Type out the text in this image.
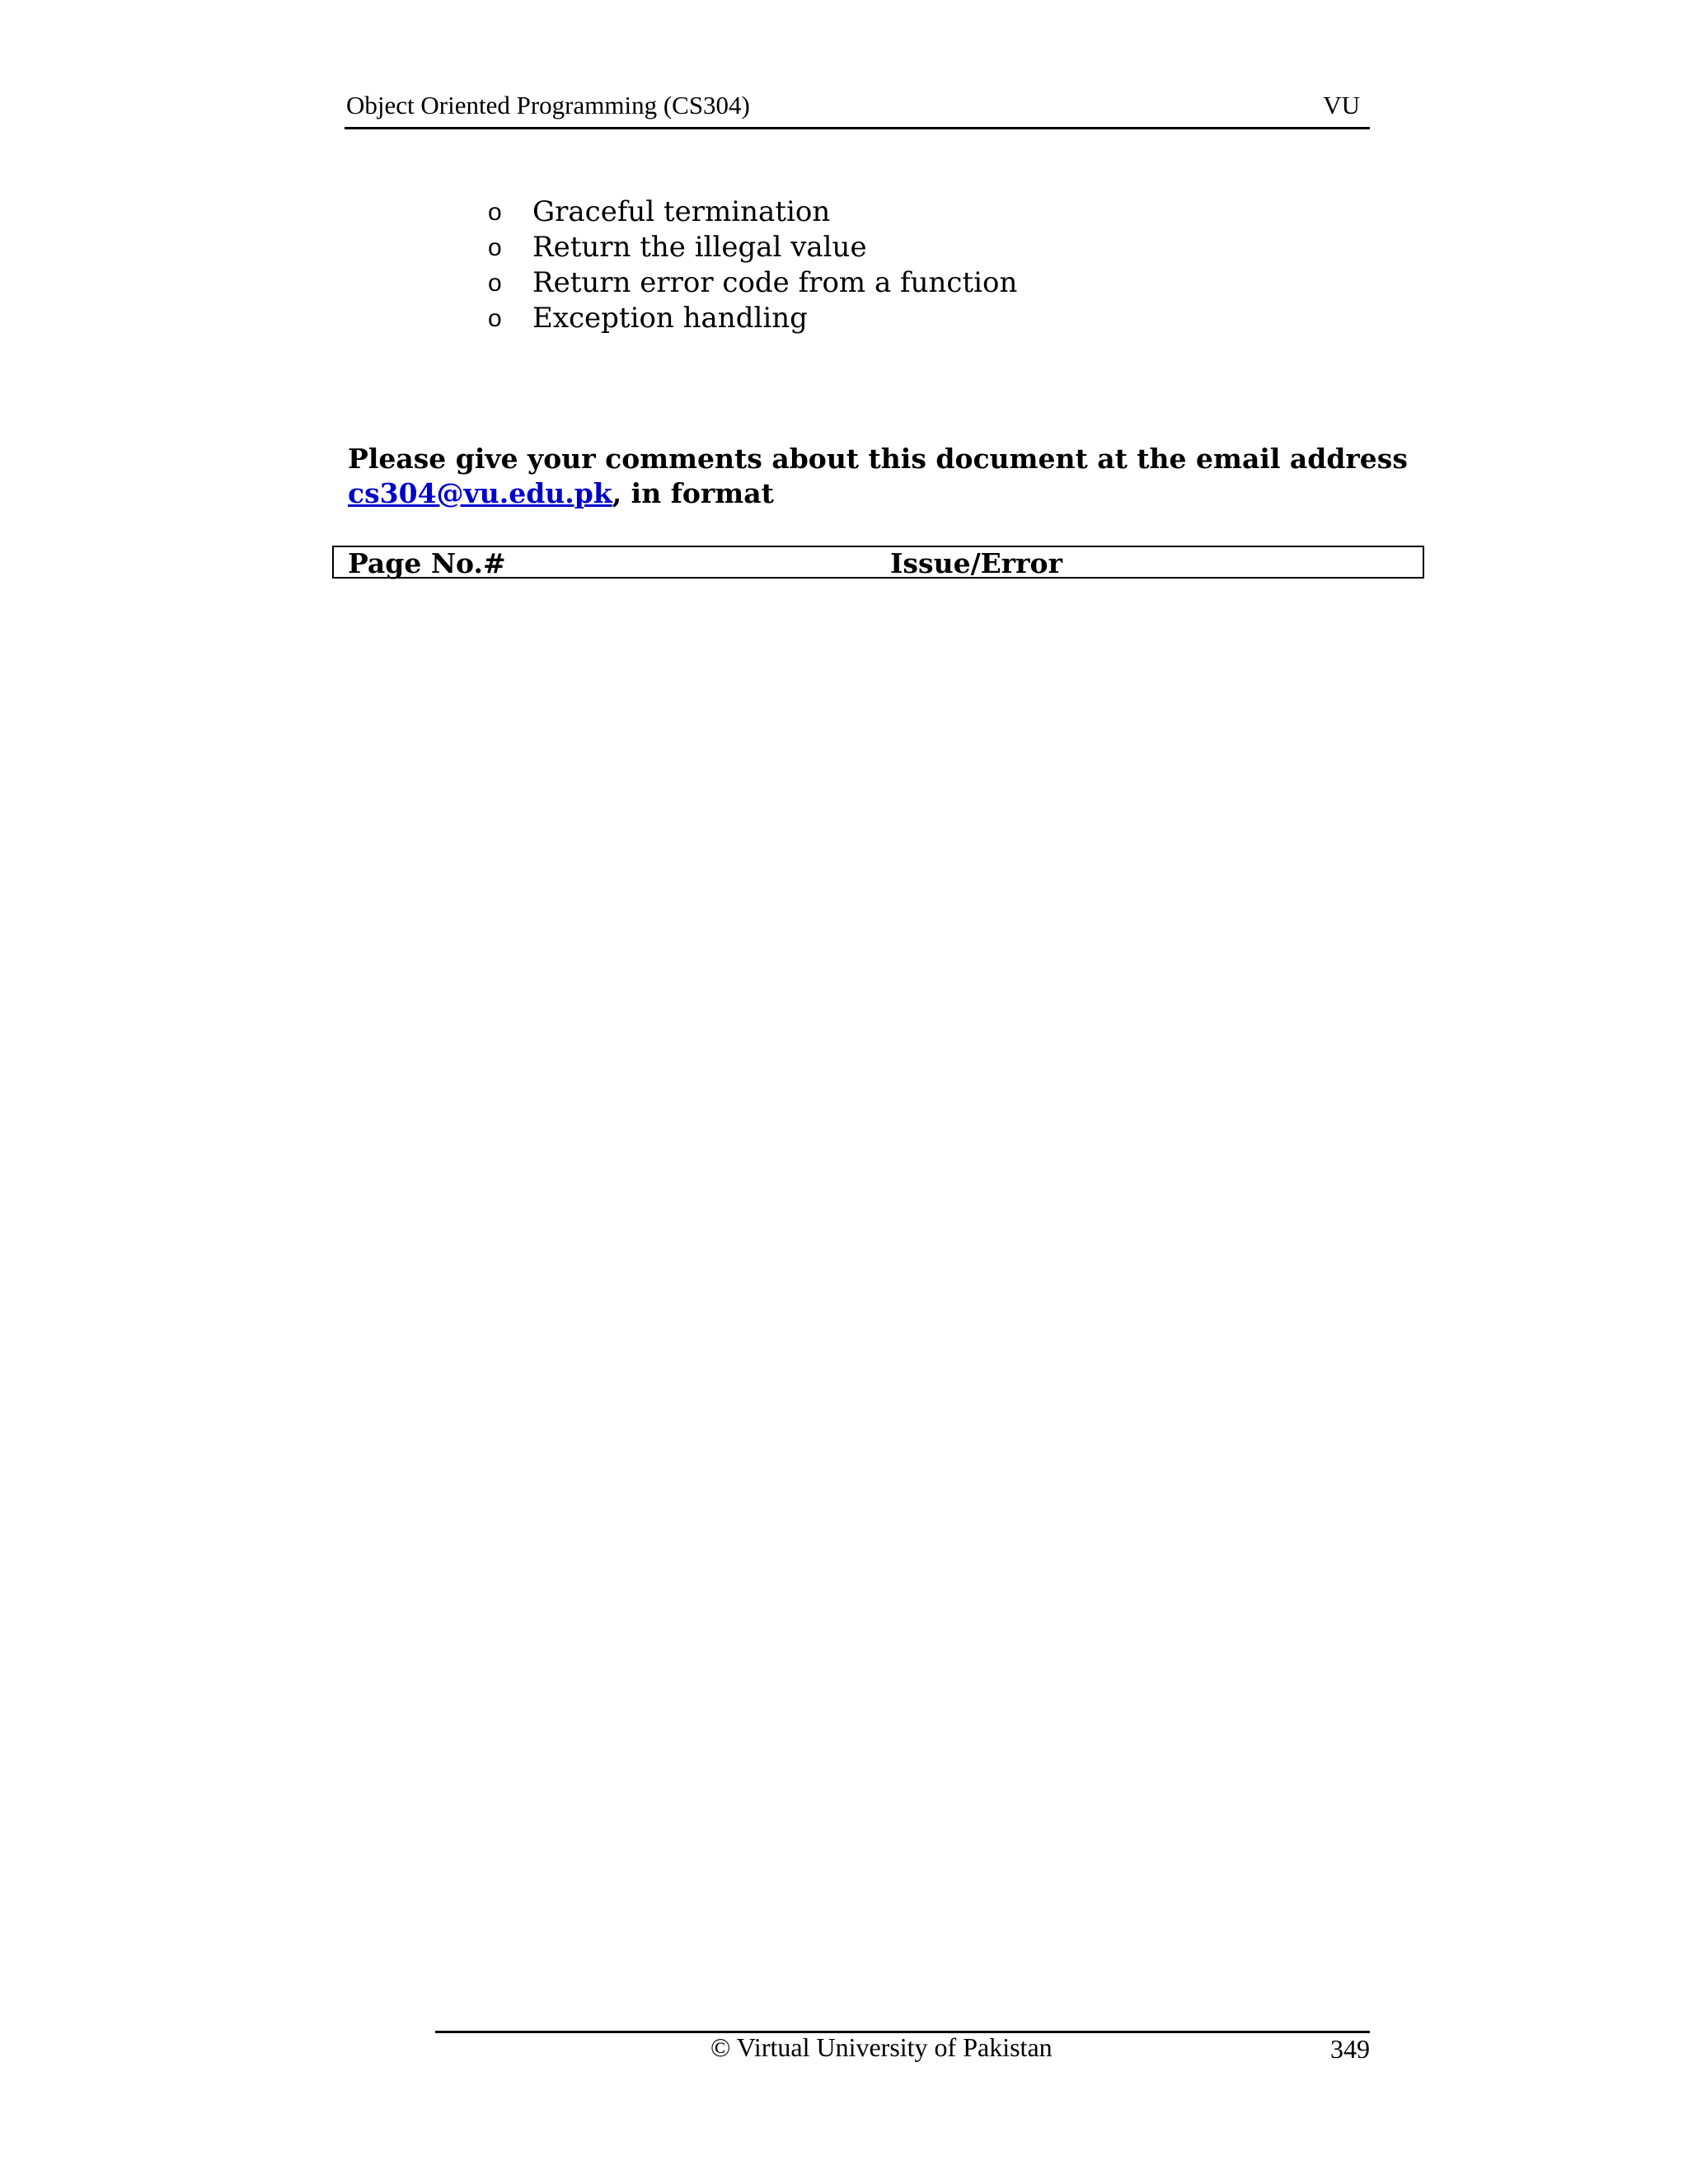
Object Oriented Programming (CS304)	VU
o Graceful termination
o Return the illegal value
o Return error code from a function
o Exception handling
Please give your comments about this document at the email address
cs304@vu.edu.pk, in format
Page No.#	Issue/Error
© Virtual University of Pakistan	349
